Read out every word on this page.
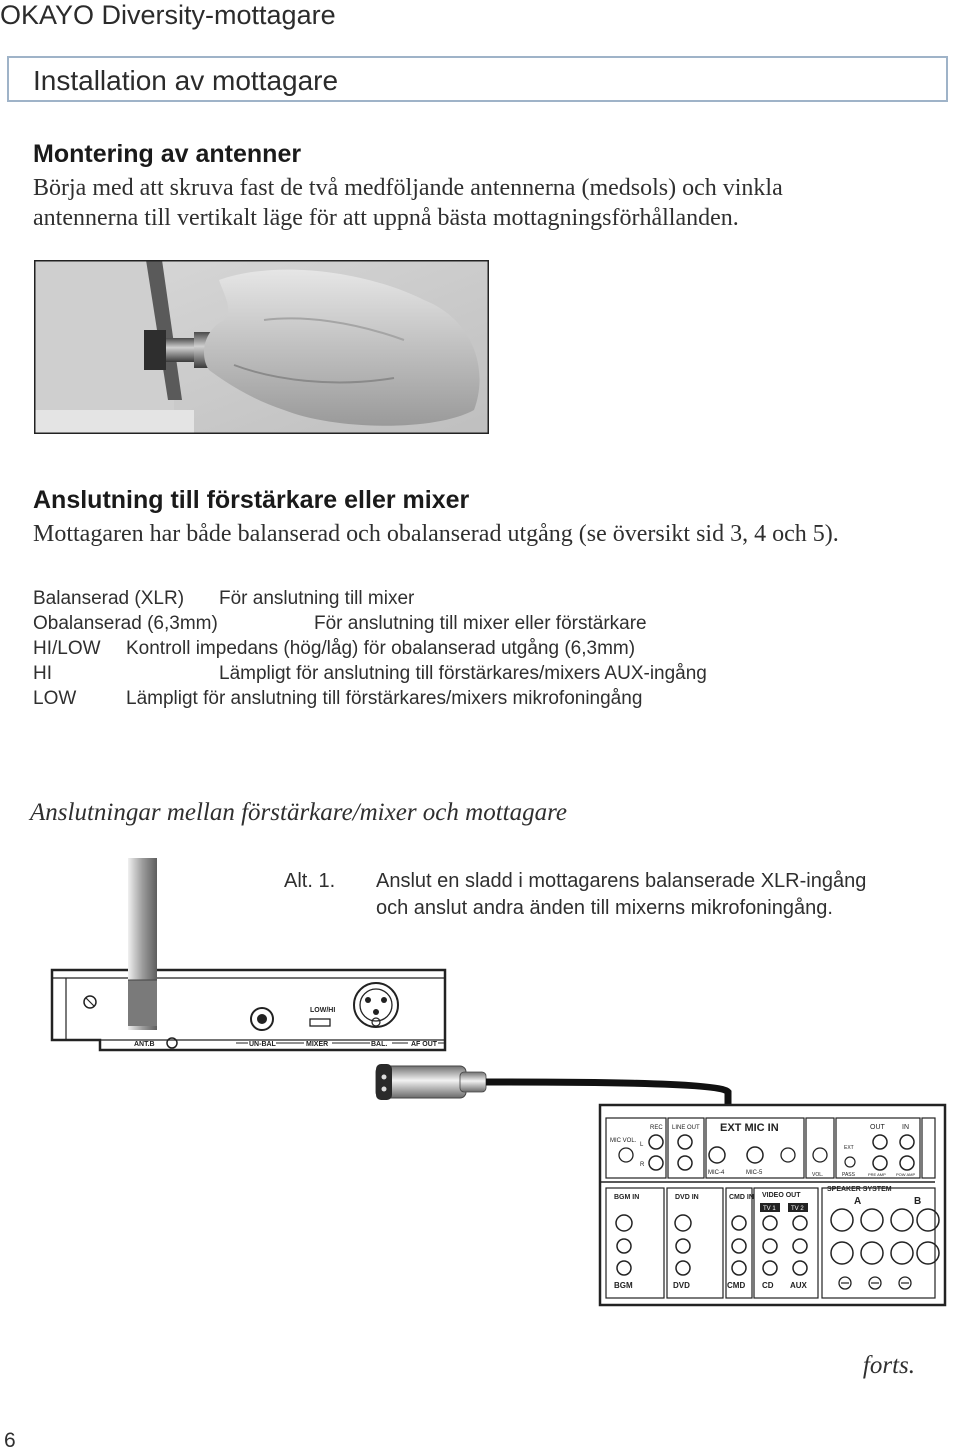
OKAYO Diversity-mottagare
Installation av mottagare
Montering av antenner
Börja med att skruva fast de två medföljande antennerna (medsols) och vinkla
antennerna till vertikalt läge för att uppnå bästa mottagningsförhållanden.
Anslutning till förstärkare eller mixer
Mottagaren har både balanserad och obalanserad utgång (se översikt sid 3, 4 och 5).
Balanserad (XLR) För anslutning till mixer
Obalanserad (6,3mm)	För anslutning till mixer eller förstärkare
HI/LOW Kontroll impedans (hög/låg) för obalanserad utgång (6,3mm)
HI	Lämpligt för anslutning till förstärkares/mixers AUX-ingång
LOW	Lämpligt för anslutning till förstärkares/mixers mikrofoningång
Anslutningar mellan förstärkare/mixer och mottagare
Alt. 1. Anslut en sladd i mottagarens balanserade XLR-ingång
och anslut andra änden till mixerns mikrofoningång.
LOW/HI
ANT.B	UN-BAL	MIXER	BAL.	AF OUT
REC LINE OUT EXT MIC IN
MIC VOL.
L
R
MIC-4	MIC-5
OUT IN
EXT
PASS	PRE AMP	POW AMP
VOL.
BGM IN	DVD IN	CMD IN VIDEO OUT
TV 1	TV 2
SPEAKER SYSTEM
A	B
BGM	DVD	CMD CD AUX
forts.
6
